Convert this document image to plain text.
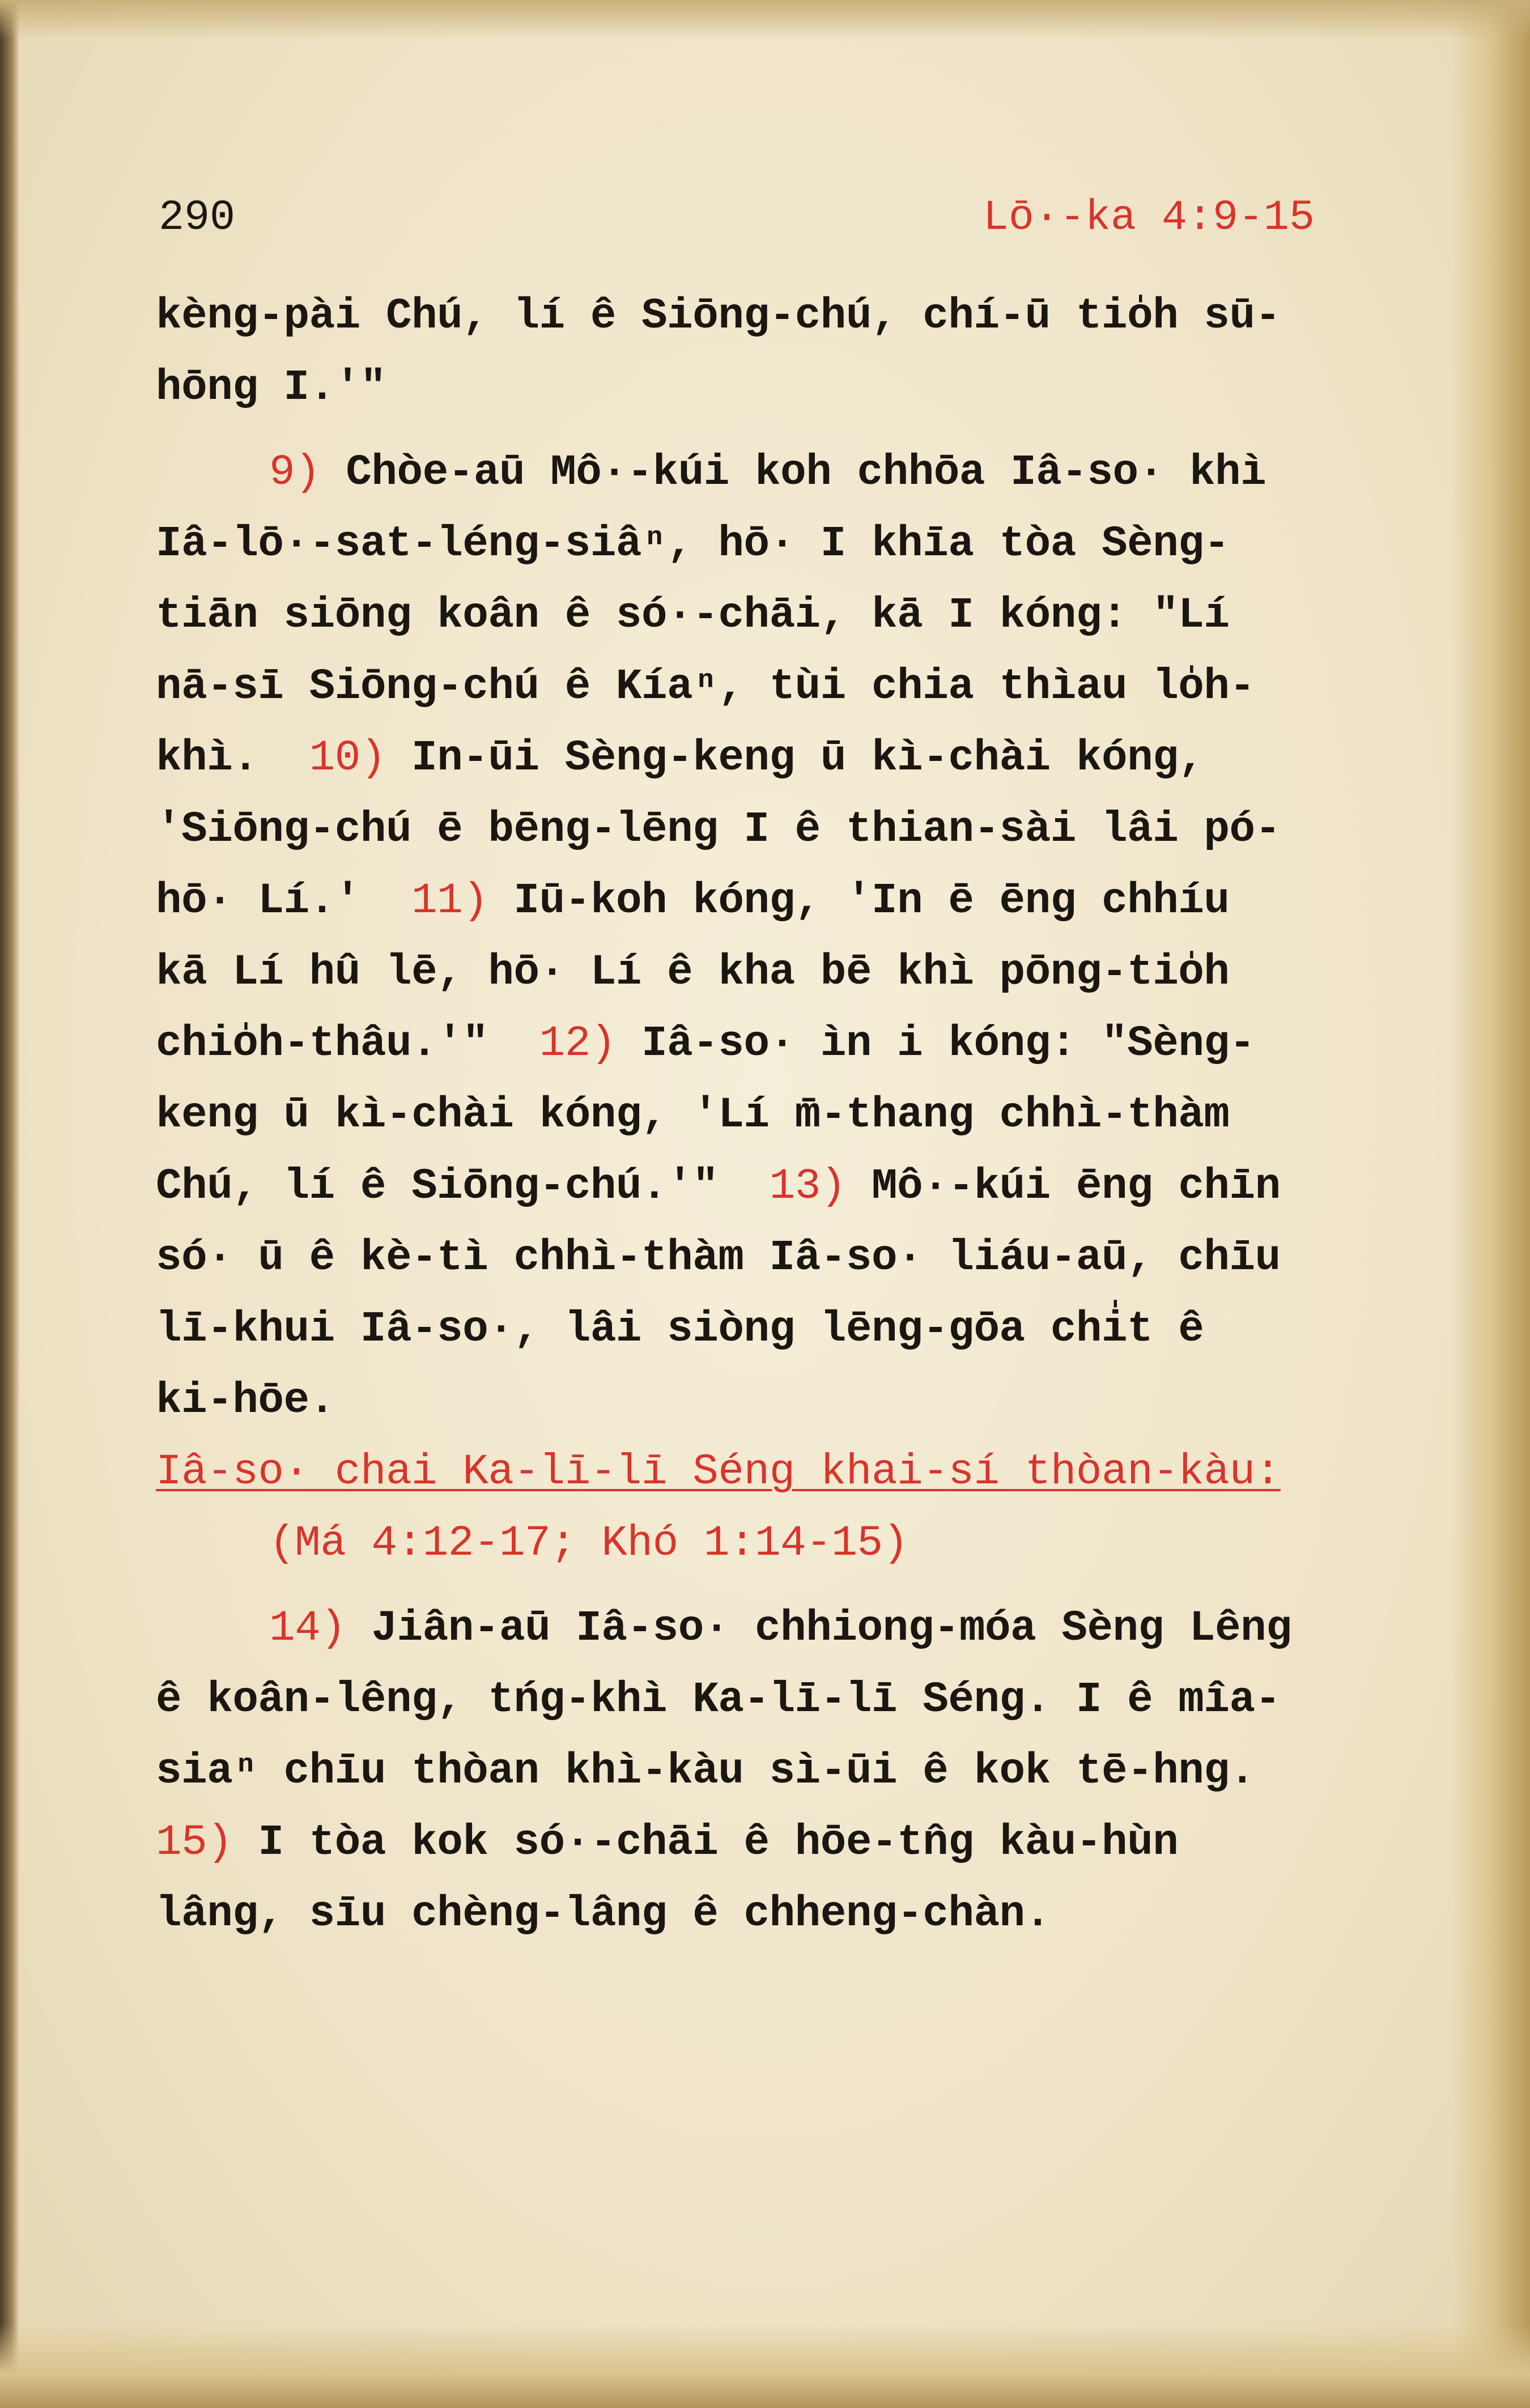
290	Lō·-ka 4:9-15
kèng-pài Chú, lí ê Siōng-chú, chí-ū tio̍h sū-
hōng I.'"
9) Chòe-aū Mô·-kúi koh chhōa Iâ-so· khì
Iâ-lō·-sat-léng-siâⁿ, hō· I khīa tòa Sèng-
tiān siōng koân ê só·-chāi, kā I kóng: "Lí
nā-sī Siōng-chú ê Kíaⁿ, tùi chia thìau lo̍h-
khì. 10) In-ūi Sèng-keng ū kì-chài kóng,
'Siōng-chú ē bēng-lēng I ê thian-sài lâi pó-
hō· Lí.' 11) Iū-koh kóng, 'In ē ēng chhíu
kā Lí hû lē, hō· Lí ê kha bē khì pōng-tio̍h
chio̍h-thâu.'" 12) Iâ-so· ìn i kóng: "Sèng-
keng ū kì-chài kóng, 'Lí m̄-thang chhì-thàm
Chú, lí ê Siōng-chú.'" 13) Mô·-kúi ēng chīn
só· ū ê kè-tì chhì-thàm Iâ-so· liáu-aū, chīu
lī-khui Iâ-so·, lâi siòng lēng-gōa chi̍t ê
ki-hōe.
Iâ-so· chai Ka-lī-lī Séng khai-sí thòan-kàu:
(Má 4:12-17; Khó 1:14-15)
14) Jiân-aū Iâ-so· chhiong-móa Sèng Lêng
ê koân-lêng, tńg-khì Ka-lī-lī Séng. I ê mîa-
siaⁿ chīu thòan khì-kàu sì-ūi ê kok tē-hng.
15) I tòa kok só·-chāi ê hōe-tn̂g kàu-hùn
lâng, sīu chèng-lâng ê chheng-chàn.
